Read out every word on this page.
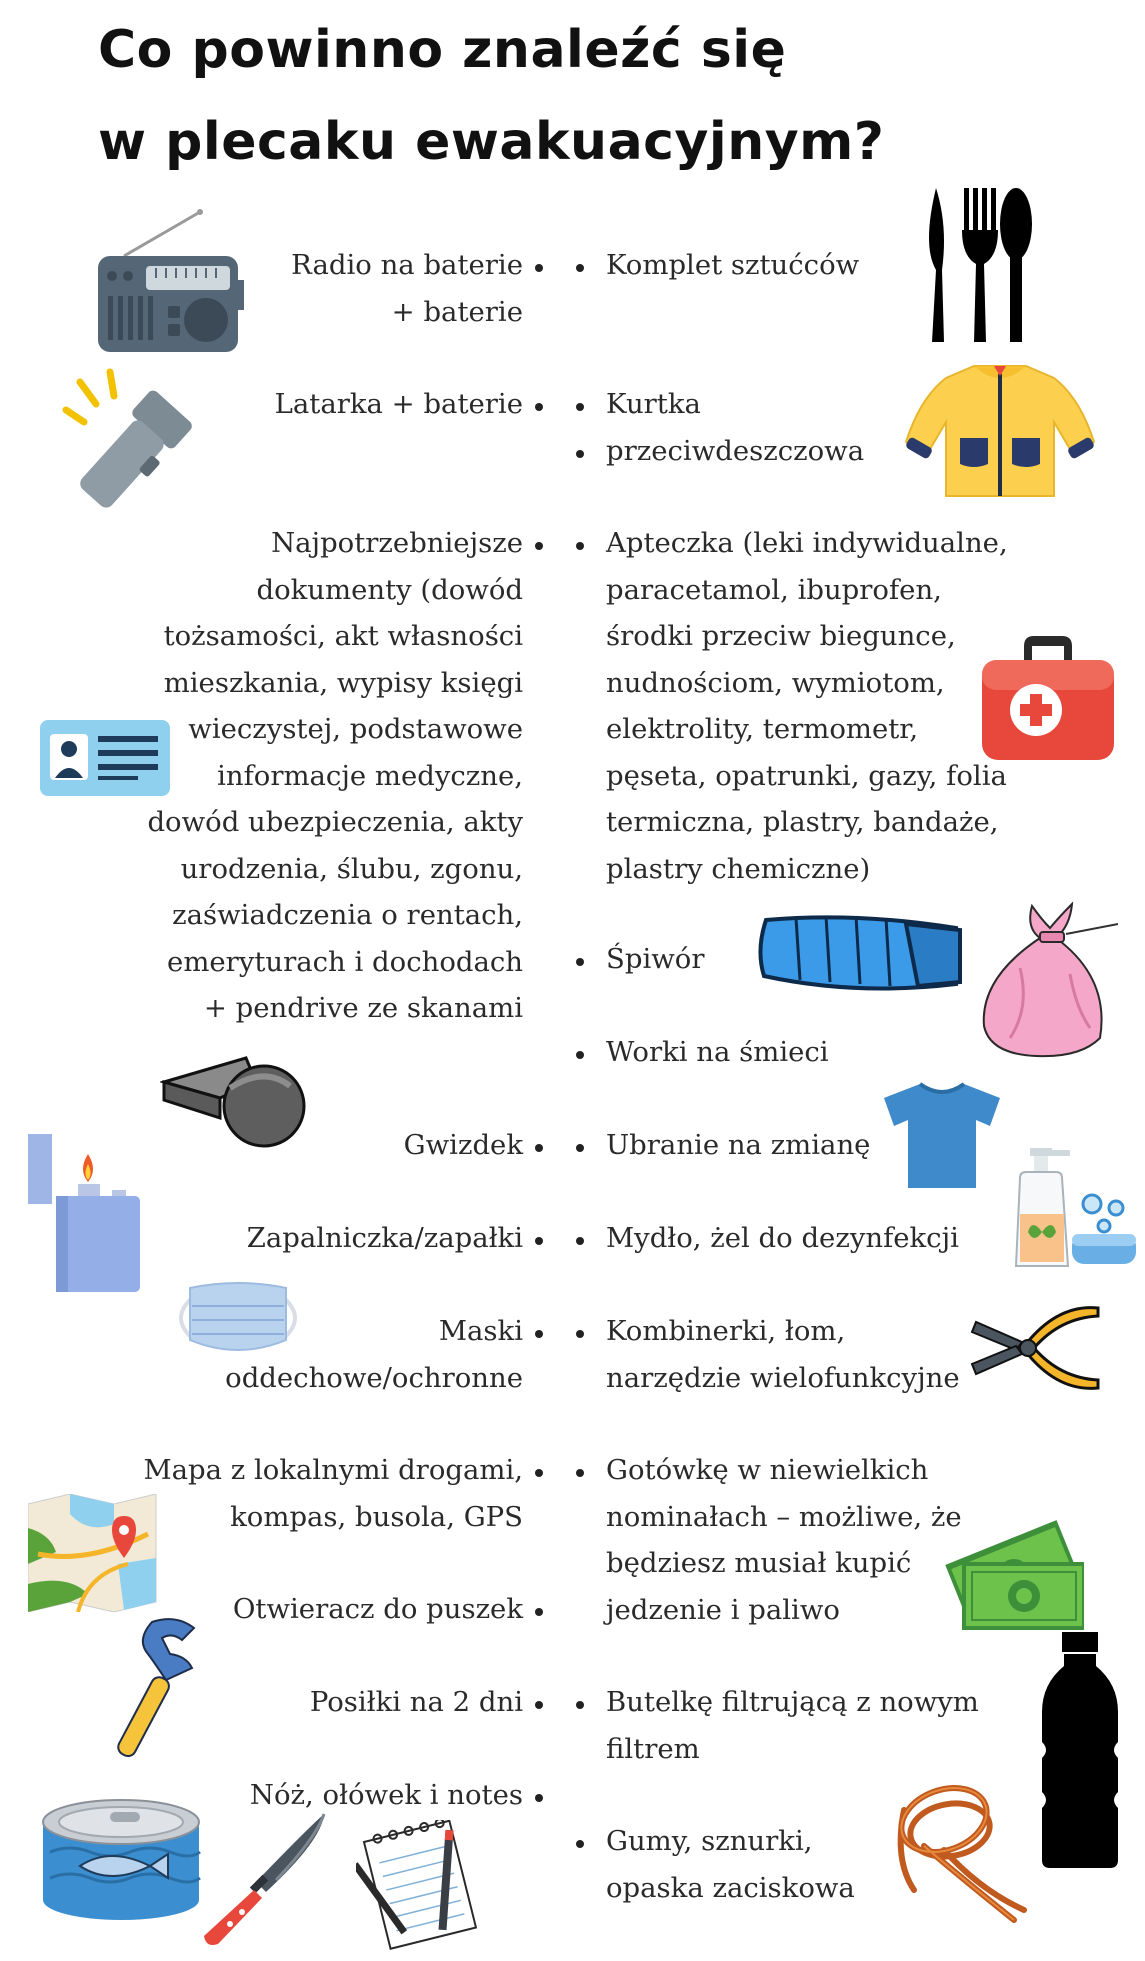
Co powinno znaleźć się
w plecaku ewakuacyjnym?
Radio na baterie
+ baterie
Latarka + baterie
Najpotrzebniejsze
dokumenty (dowód
tożsamości, akt własności
mieszkania, wypisy księgi
wieczystej, podstawowe
informacje medyczne,
dowód ubezpieczenia, akty
urodzenia, ślubu, zgonu,
zaświadczenia o rentach,
emeryturach i dochodach
+ pendrive ze skanami
Gwizdek
Zapalniczka/zapałki
Maski
oddechowe/ochronne
Mapa z lokalnymi drogami,
kompas, busola, GPS
Otwieracz do puszek
Posiłki na 2 dni
Nóż, ołówek i notes
Komplet sztućców
Kurtka
przeciwdeszczowa
Apteczka (leki indywidualne,
paracetamol, ibuprofen,
środki przeciw biegunce,
nudnościom, wymiotom,
elektrolity, termometr,
pęseta, opatrunki, gazy, folia
termiczna, plastry, bandaże,
plastry chemiczne)
Śpiwór
Worki na śmieci
Ubranie na zmianę
Mydło, żel do dezynfekcji
Kombinerki, łom,
narzędzie wielofunkcyjne
Gotówkę w niewielkich
nominałach – możliwe, że
będziesz musiał kupić
jedzenie i paliwo
Butelkę filtrującą z nowym
filtrem
Gumy, sznurki,
opaska zaciskowa
